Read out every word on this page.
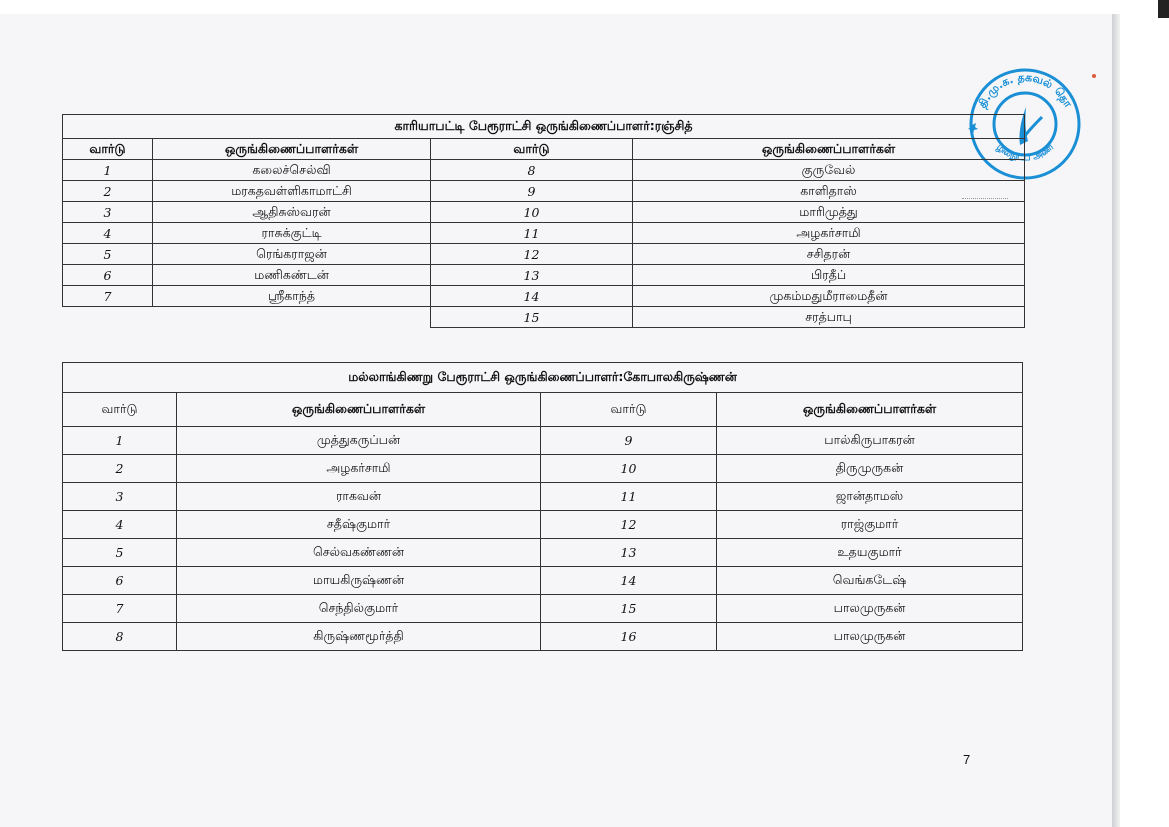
தி.மு.க. தகவல் தொ
ழில்நுட்ப அணி
காரியாபட்டி பேரூராட்சி ஒருங்கிணைப்பாளர்:ரஞ்சித்			
வார்டு	ஒருங்கிணைப்பாளர்கள்	வார்டு	ஒருங்கிணைப்பாளர்கள்
1	கலைச்செல்வி	8	குருவேல்
2	மரகதவள்ளிகாமாட்சி	9	காளிதாஸ்
3	ஆதிசுஸ்வரன்	10	மாரிமுத்து
4	ராசுக்குட்டி	11	அழகர்சாமி
5	ரெங்கராஜன்	12	சசிதரன்
6	மணிகண்டன்	13	பிரதீப்
7	ஸ்ரீகாந்த்	14	முகம்மதுமீராமைதீன்
		15	சரத்பாபு
மல்லாங்கிணறு பேரூராட்சி ஒருங்கிணைப்பாளர்:கோபாலகிருஷ்ணன்			
வார்டு	ஒருங்கிணைப்பாளர்கள்	வார்டு	ஒருங்கிணைப்பாளர்கள்
1	முத்துகருப்பன்	9	பால்கிருபாகரன்
2	அழகர்சாமி	10	திருமுருகன்
3	ராகவன்	11	ஜான்தாமஸ்
4	சதீஷ்குமார்	12	ராஜ்குமார்
5	செல்வகண்ணன்	13	உதயகுமார்
6	மாயகிருஷ்ணன்	14	வெங்கடேஷ்
7	செந்தில்குமார்	15	பாலமுருகன்
8	கிருஷ்ணமூர்த்தி	16	பாலமுருகன்
7
